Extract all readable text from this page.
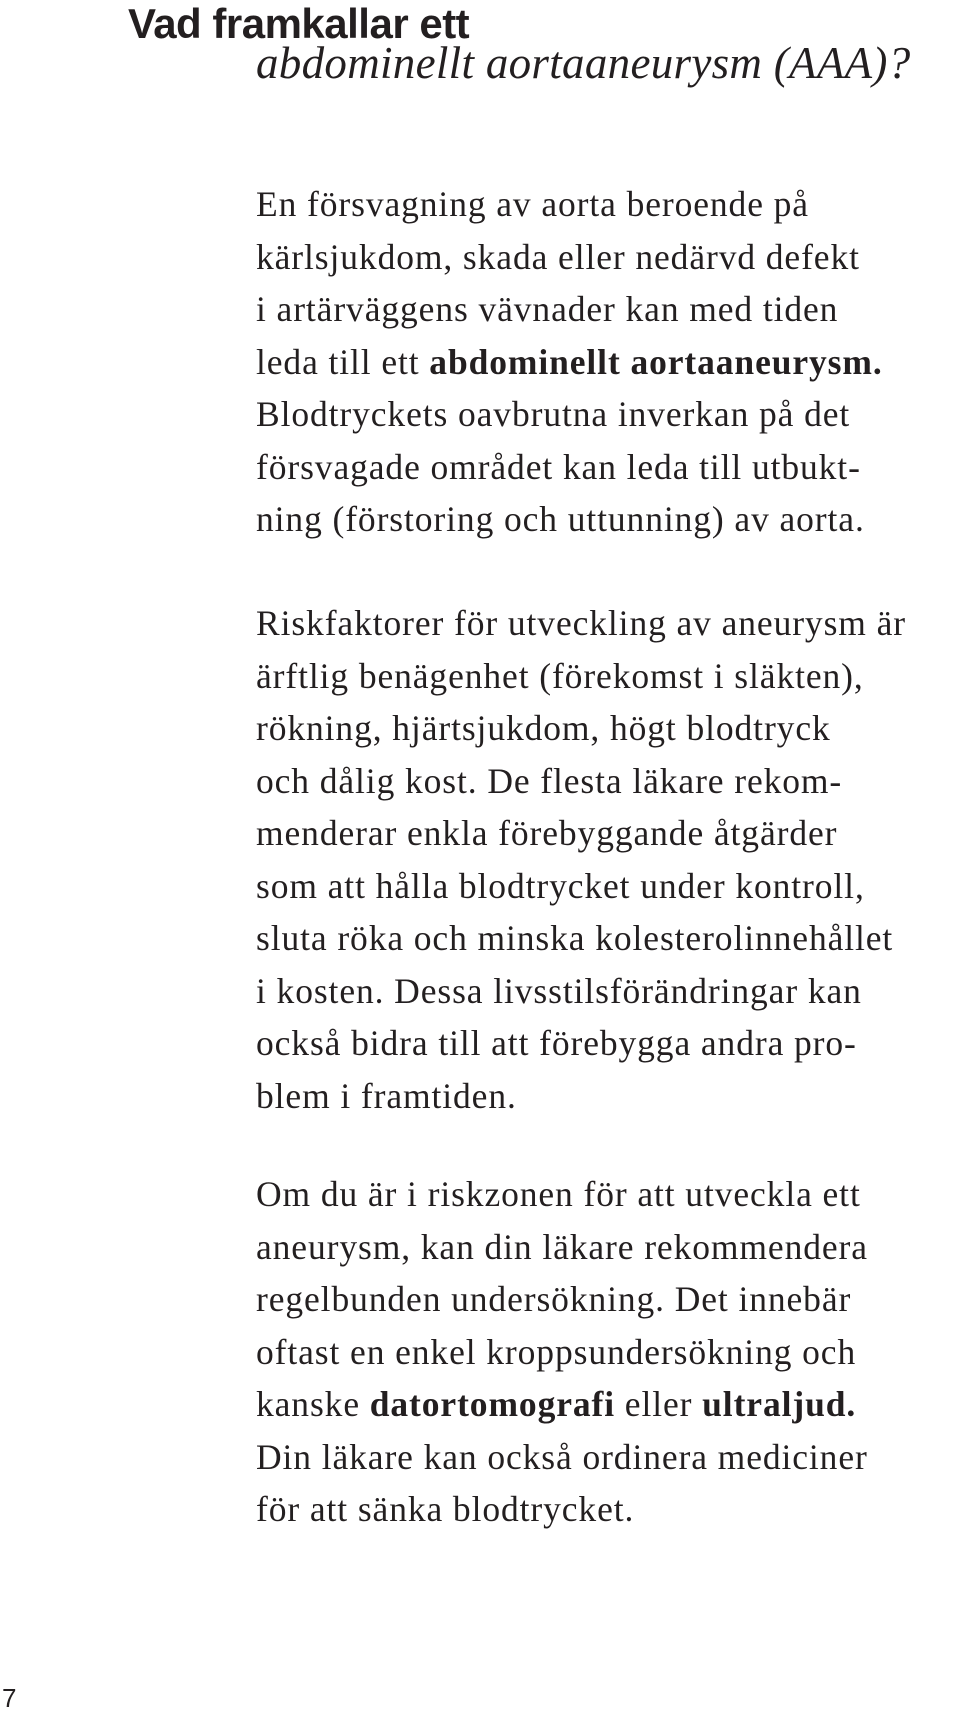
Vad framkallar ett
abdominellt aortaaneurysm (AAA)?
En försvagning av aorta beroende på
kärlsjukdom, skada eller nedärvd defekt
i artärväggens vävnader kan med tiden
leda till ett abdominellt aortaaneurysm.
Blodtryckets oavbrutna inverkan på det
försvagade området kan leda till utbukt-
ning (förstoring och uttunning) av aorta.
Riskfaktorer för utveckling av aneurysm är
ärftlig benägenhet (förekomst i släkten),
rökning, hjärtsjukdom, högt blodtryck
och dålig kost. De flesta läkare rekom-
menderar enkla förebyggande åtgärder
som att hålla blodtrycket under kontroll,
sluta röka och minska kolesterolinnehållet
i kosten. Dessa livsstilsförändringar kan
också bidra till att förebygga andra pro-
blem i framtiden.
Om du är i riskzonen för att utveckla ett
aneurysm, kan din läkare rekommendera
regelbunden undersökning. Det innebär
oftast en enkel kroppsundersökning och
kanske datortomografi eller ultraljud.
Din läkare kan också ordinera mediciner
för att sänka blodtrycket.
7
